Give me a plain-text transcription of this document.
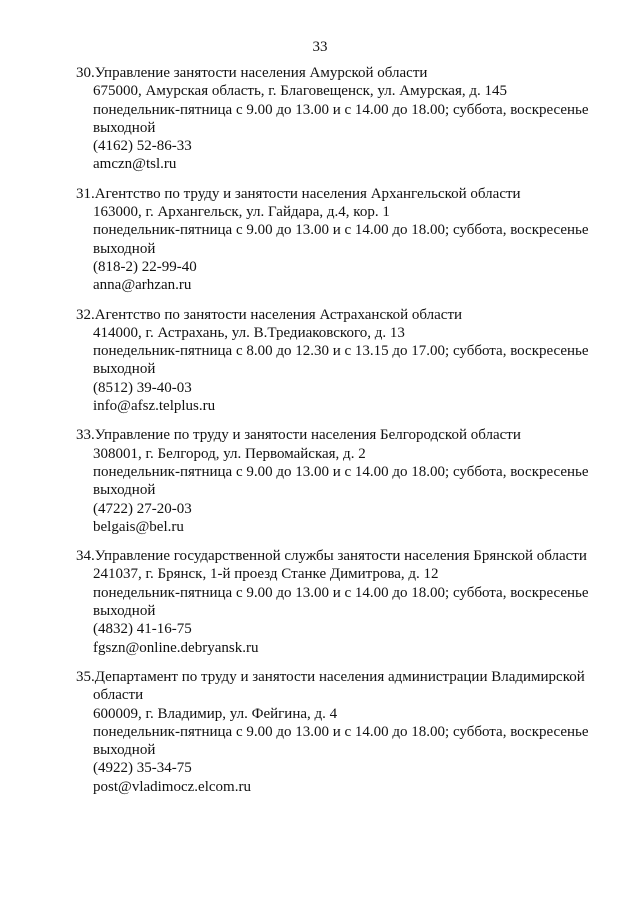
33
30. Управление занятости населения Амурской области
675000, Амурская область, г. Благовещенск, ул. Амурская, д. 145
понедельник-пятница с 9.00 до 13.00 и с 14.00 до 18.00; суббота, воскресенье
выходной
(4162) 52-86-33
amczn@tsl.ru
31. Агентство по труду и занятости населения Архангельской области
163000, г. Архангельск, ул. Гайдара, д.4, кор. 1
понедельник-пятница с 9.00 до 13.00 и с 14.00 до 18.00; суббота, воскресенье
выходной
(818-2) 22-99-40
anna@arhzan.ru
32. Агентство по занятости населения Астраханской области
414000, г. Астрахань, ул. В.Тредиаковского, д. 13
понедельник-пятница с 8.00 до 12.30 и с 13.15 до 17.00; суббота, воскресенье
выходной
(8512) 39-40-03
info@afsz.telplus.ru
33. Управление по труду и занятости населения Белгородской области
308001, г. Белгород, ул. Первомайская, д. 2
понедельник-пятница с 9.00 до 13.00 и с 14.00 до 18.00; суббота, воскресенье
выходной
(4722) 27-20-03
belgais@bel.ru
34. Управление государственной службы занятости населения Брянской области
241037, г. Брянск, 1-й проезд Станке Димитрова, д. 12
понедельник-пятница с 9.00 до 13.00 и с 14.00 до 18.00; суббота, воскресенье
выходной
(4832) 41-16-75
fgszn@online.debryansk.ru
35. Департамент по труду и занятости населения администрации Владимирской
области
600009, г. Владимир, ул. Фейгина, д. 4
понедельник-пятница с 9.00 до 13.00 и с 14.00 до 18.00; суббота, воскресенье
выходной
(4922) 35-34-75
post@vladimocz.elcom.ru
